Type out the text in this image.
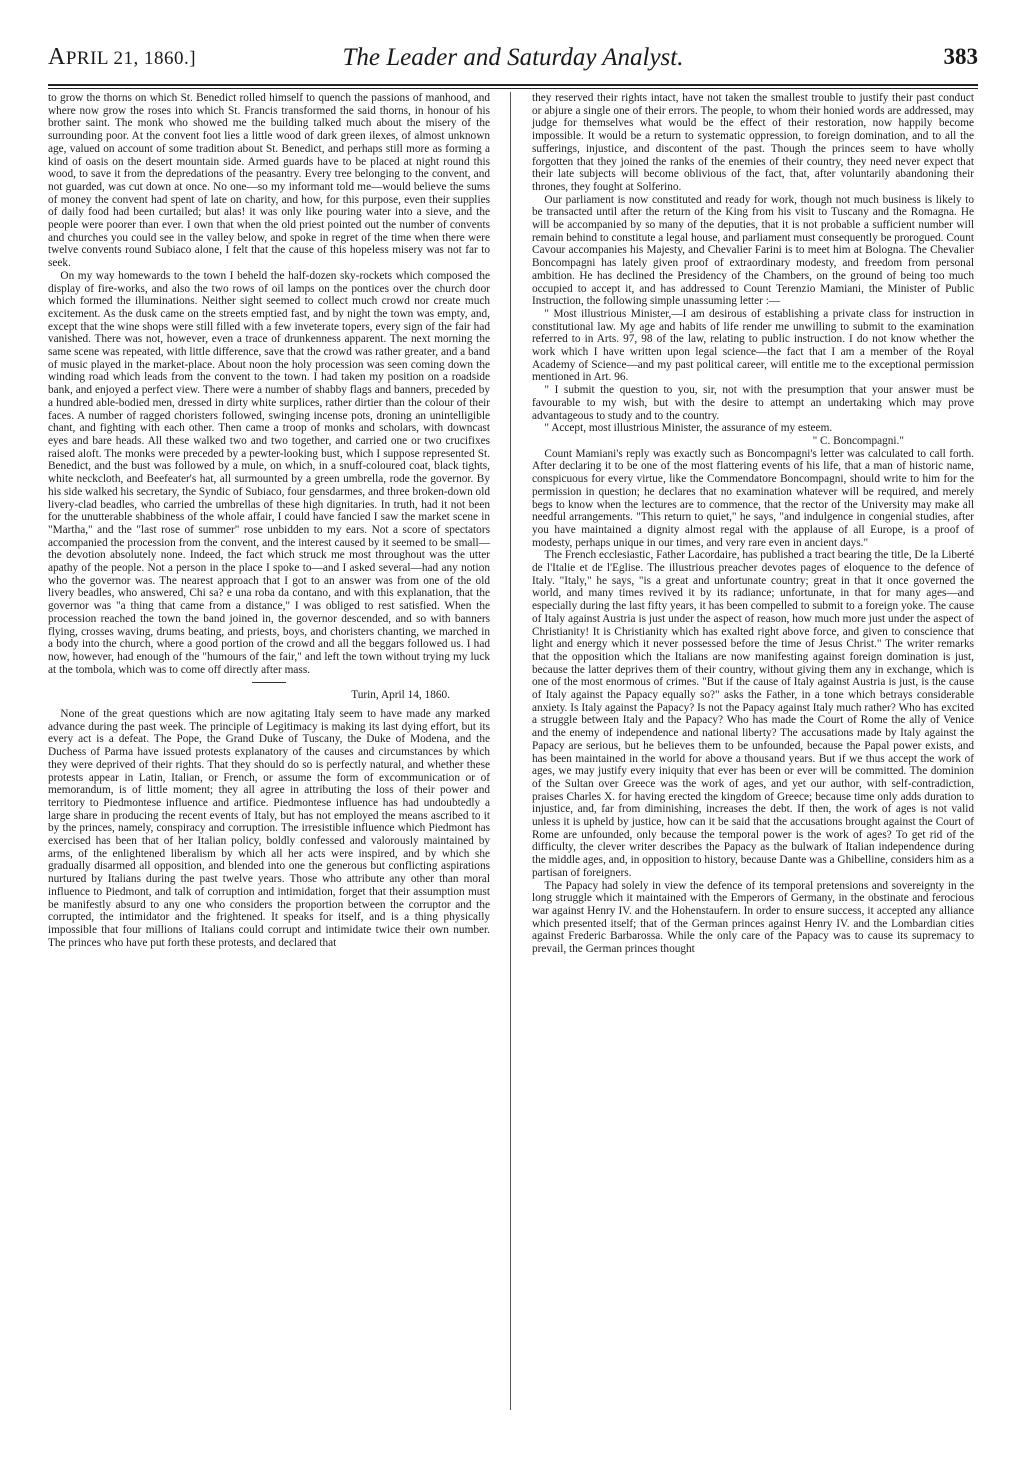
APRIL 21, 1860.]	The Leader and Saturday Analyst.	383

to grow the thorns on which St. Benedict rolled himself to quench the passions of manhood, and where now grow the roses into which St. Francis transformed the said thorns, in honour of his brother saint. The monk who showed me the building talked much about the misery of the surrounding poor. At the convent foot lies a little wood of dark green ilexes, of almost unknown age, valued on account of some tradition about St. Benedict, and perhaps still more as forming a kind of oasis on the desert mountain side. Armed guards have to be placed at night round this wood, to save it from the depredations of the peasantry. Every tree belonging to the convent, and not guarded, was cut down at once. No one—so my informant told me—would believe the sums of money the convent had spent of late on charity, and how, for this purpose, even their supplies of daily food had been curtailed; but alas! it was only like pouring water into a sieve, and the people were poorer than ever. I own that when the old priest pointed out the number of convents and churches you could see in the valley below, and spoke in regret of the time when there were twelve convents round Subiaco alone, I felt that the cause of this hopeless misery was not far to seek.

On my way homewards to the town I beheld the half-dozen sky-rockets which composed the display of fire-works, and also the two rows of oil lamps on the pontices over the church door which formed the illuminations. Neither sight seemed to collect much crowd nor create much excitement. As the dusk came on the streets emptied fast, and by night the town was empty, and, except that the wine shops were still filled with a few inveterate topers, every sign of the fair had vanished. There was not, however, even a trace of drunkenness apparent. The next morning the same scene was repeated, with little difference, save that the crowd was rather greater, and a band of music played in the market-place. About noon the holy procession was seen coming down the winding road which leads from the convent to the town. I had taken my position on a roadside bank, and enjoyed a perfect view. There were a number of shabby flags and banners, preceded by a hundred able-bodied men, dressed in dirty white surplices, rather dirtier than the colour of their faces. A number of ragged choristers followed, swinging incense pots, droning an unintelligible chant, and fighting with each other. Then came a troop of monks and scholars, with downcast eyes and bare heads. All these walked two and two together, and carried one or two crucifixes raised aloft. The monks were preceded by a pewter-looking bust, which I suppose represented St. Benedict, and the bust was followed by a mule, on which, in a snuff-coloured coat, black tights, white neckcloth, and Beefeater's hat, all surmounted by a green umbrella, rode the governor. By his side walked his secretary, the Syndic of Subiaco, four gensdarmes, and three broken-down old livery-clad beadles, who carried the umbrellas of these high dignitaries. In truth, had it not been for the unutterable shabbiness of the whole affair, I could have fancied I saw the market scene in "Martha," and the "last rose of summer" rose unbidden to my ears. Not a score of spectators accompanied the procession from the convent, and the interest caused by it seemed to be small—the devotion absolutely none. Indeed, the fact which struck me most throughout was the utter apathy of the people. Not a person in the place I spoke to—and I asked several—had any notion who the governor was. The nearest approach that I got to an answer was from one of the old livery beadles, who answered, Chi sa? e una roba da contano, and with this explanation, that the governor was "a thing that came from a distance," I was obliged to rest satisfied. When the procession reached the town the band joined in, the governor descended, and so with banners flying, crosses waving, drums beating, and priests, boys, and choristers chanting, we marched in a body into the church, where a good portion of the crowd and all the beggars followed us. I had now, however, had enough of the "humours of the fair," and left the town without trying my luck at the tombola, which was to come off directly after mass.

Turin, April 14, 1860.

None of the great questions which are now agitating Italy seem to have made any marked advance during the past week. The principle of Legitimacy is making its last dying effort, but its every act is a defeat. The Pope, the Grand Duke of Tuscany, the Duke of Modena, and the Duchess of Parma have issued protests explanatory of the causes and circumstances by which they were deprived of their rights. That they should do so is perfectly natural, and whether these protests appear in Latin, Italian, or French, or assume the form of excommunication or of memorandum, is of little moment; they all agree in attributing the loss of their power and territory to Piedmontese influence and artifice. Piedmontese influence has had undoubtedly a large share in producing the recent events of Italy, but has not employed the means ascribed to it by the princes, namely, conspiracy and corruption. The irresistible influence which Piedmont has exercised has been that of her Italian policy, boldly confessed and valorously maintained by arms, of the enlightened liberalism by which all her acts were inspired, and by which she gradually disarmed all opposition, and blended into one the generous but conflicting aspirations nurtured by Italians during the past twelve years. Those who attribute any other than moral influence to Piedmont, and talk of corruption and intimidation, forget that their assumption must be manifestly absurd to any one who considers the proportion between the corruptor and the corrupted, the intimidator and the frightened. It speaks for itself, and is a thing physically impossible that four millions of Italians could corrupt and intimidate twice their own number. The princes who have put forth these protests, and declared that

they reserved their rights intact, have not taken the smallest trouble to justify their past conduct or abjure a single one of their errors. The people, to whom their honied words are addressed, may judge for themselves what would be the effect of their restoration, now happily become impossible. It would be a return to systematic oppression, to foreign domination, and to all the sufferings, injustice, and discontent of the past. Though the princes seem to have wholly forgotten that they joined the ranks of the enemies of their country, they need never expect that their late subjects will become oblivious of the fact, that, after voluntarily abandoning their thrones, they fought at Solferino.

Our parliament is now constituted and ready for work, though not much business is likely to be transacted until after the return of the King from his visit to Tuscany and the Romagna. He will be accompanied by so many of the deputies, that it is not probable a sufficient number will remain behind to constitute a legal house, and parliament must consequently be prorogued. Count Cavour accompanies his Majesty, and Chevalier Farini is to meet him at Bologna. The Chevalier Boncompagni has lately given proof of extraordinary modesty, and freedom from personal ambition. He has declined the Presidency of the Chambers, on the ground of being too much occupied to accept it, and has addressed to Count Terenzio Mamiani, the Minister of Public Instruction, the following simple unassuming letter :—

" Most illustrious Minister,—I am desirous of establishing a private class for instruction in constitutional law. My age and habits of life render me unwilling to submit to the examination referred to in Arts. 97, 98 of the law, relating to public instruction. I do not know whether the work which I have written upon legal science—the fact that I am a member of the Royal Academy of Science—and my past political career, will entitle me to the exceptional permission mentioned in Art. 96.

" I submit the question to you, sir, not with the presumption that your answer must be favourable to my wish, but with the desire to attempt an undertaking which may prove advantageous to study and to the country.

" Accept, most illustrious Minister, the assurance of my esteem.

" C. Boncompagni."

Count Mamiani's reply was exactly such as Boncompagni's letter was calculated to call forth. After declaring it to be one of the most flattering events of his life, that a man of historic name, conspicuous for every virtue, like the Commendatore Boncompagni, should write to him for the permission in question; he declares that no examination whatever will be required, and merely begs to know when the lectures are to commence, that the rector of the University may make all needful arrangements. "This return to quiet," he says, "and indulgence in congenial studies, after you have maintained a dignity almost regal with the applause of all Europe, is a proof of modesty, perhaps unique in our times, and very rare even in ancient days."

The French ecclesiastic, Father Lacordaire, has published a tract bearing the title, De la Liberté de l'Italie et de l'Eglise. The illustrious preacher devotes pages of eloquence to the defence of Italy. "Italy," he says, "is a great and unfortunate country; great in that it once governed the world, and many times revived it by its radiance; unfortunate, in that for many ages—and especially during the last fifty years, it has been compelled to submit to a foreign yoke. The cause of Italy against Austria is just under the aspect of reason, how much more just under the aspect of Christianity! It is Christianity which has exalted right above force, and given to conscience that light and energy which it never possessed before the time of Jesus Christ." The writer remarks that the opposition which the Italians are now manifesting against foreign domination is just, because the latter deprives them of their country, without giving them any in exchange, which is one of the most enormous of crimes. "But if the cause of Italy against Austria is just, is the cause of Italy against the Papacy equally so?" asks the Father, in a tone which betrays considerable anxiety. Is Italy against the Papacy? Is not the Papacy against Italy much rather? Who has excited a struggle between Italy and the Papacy? Who has made the Court of Rome the ally of Venice and the enemy of independence and national liberty? The accusations made by Italy against the Papacy are serious, but he believes them to be unfounded, because the Papal power exists, and has been maintained in the world for above a thousand years. But if we thus accept the work of ages, we may justify every iniquity that ever has been or ever will be committed. The dominion of the Sultan over Greece was the work of ages, and yet our author, with self-contradiction, praises Charles X. for having erected the kingdom of Greece; because time only adds duration to injustice, and, far from diminishing, increases the debt. If then, the work of ages is not valid unless it is upheld by justice, how can it be said that the accusations brought against the Court of Rome are unfounded, only because the temporal power is the work of ages? To get rid of the difficulty, the clever writer describes the Papacy as the bulwark of Italian independence during the middle ages, and, in opposition to history, because Dante was a Ghibelline, considers him as a partisan of foreigners.

The Papacy had solely in view the defence of its temporal pretensions and sovereignty in the long struggle which it maintained with the Emperors of Germany, in the obstinate and ferocious war against Henry IV. and the Hohenstaufern. In order to ensure success, it accepted any alliance which presented itself; that of the German princes against Henry IV. and the Lombardian cities against Frederic Barbarossa. While the only care of the Papacy was to cause its supremacy to prevail, the German princes thought
